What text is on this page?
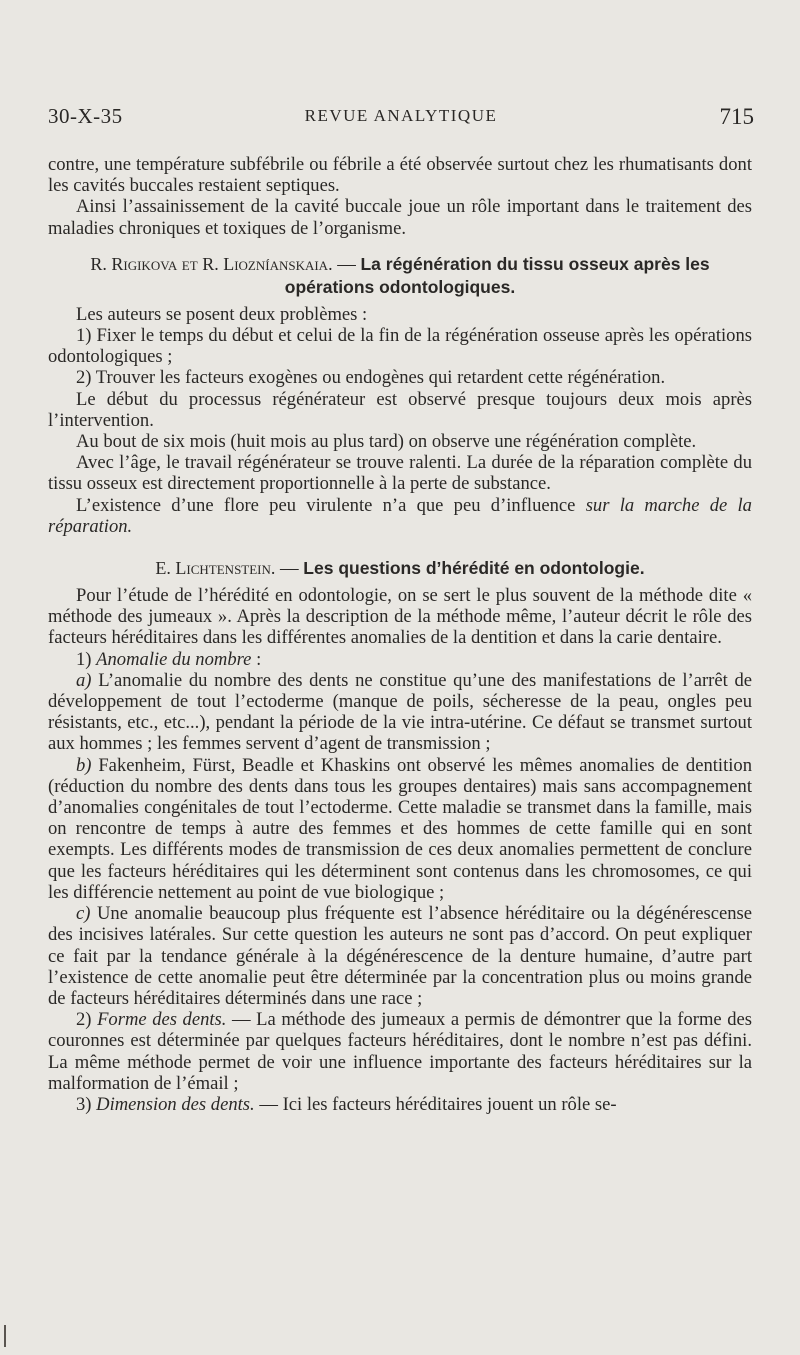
30-X-35	REVUE ANALYTIQUE	715

contre, une température subfébrile ou fébrile a été observée surtout chez les rhumatisants dont les cavités buccales restaient septiques.

Ainsi l’assainissement de la cavité buccale joue un rôle important dans le traitement des maladies chroniques et toxiques de l’organisme.

R. Rigikova et R. Liozníanskaia. — La régénération du tissu osseux après les opérations odontologiques.

Les auteurs se posent deux problèmes :

1) Fixer le temps du début et celui de la fin de la régénération osseuse après les opérations odontologiques ;

2) Trouver les facteurs exogènes ou endogènes qui retardent cette régénération.

Le début du processus régénérateur est observé presque toujours deux mois après l’intervention.

Au bout de six mois (huit mois au plus tard) on observe une régénération complète.

Avec l’âge, le travail régénérateur se trouve ralenti. La durée de la réparation complète du tissu osseux est directement proportionnelle à la perte de substance.

L’existence d’une flore peu virulente n’a que peu d’influence sur la marche de la réparation.

E. Lichtenstein. — Les questions d’hérédité en odontologie.

Pour l’étude de l’hérédité en odontologie, on se sert le plus souvent de la méthode dite « méthode des jumeaux ». Après la description de la méthode même, l’auteur décrit le rôle des facteurs héréditaires dans les différentes anomalies de la dentition et dans la carie dentaire.

1) Anomalie du nombre :

a) L’anomalie du nombre des dents ne constitue qu’une des manifestations de l’arrêt de développement de tout l’ectoderme (manque de poils, sécheresse de la peau, ongles peu résistants, etc., etc...), pendant la période de la vie intra-utérine. Ce défaut se transmet surtout aux hommes ; les femmes servent d’agent de transmission ;

b) Fakenheim, Fürst, Beadle et Khaskins ont observé les mêmes anomalies de dentition (réduction du nombre des dents dans tous les groupes dentaires) mais sans accompagnement d’anomalies congénitales de tout l’ectoderme. Cette maladie se transmet dans la famille, mais on rencontre de temps à autre des femmes et des hommes de cette famille qui en sont exempts. Les différents modes de transmission de ces deux anomalies permettent de conclure que les facteurs héréditaires qui les déterminent sont contenus dans les chromosomes, ce qui les différencie nettement au point de vue biologique ;

c) Une anomalie beaucoup plus fréquente est l’absence héréditaire ou la dégénérescense des incisives latérales. Sur cette question les auteurs ne sont pas d’accord. On peut expliquer ce fait par la tendance générale à la dégénérescence de la denture humaine, d’autre part l’existence de cette anomalie peut être déterminée par la concentration plus ou moins grande de facteurs héréditaires déterminés dans une race ;

2) Forme des dents. — La méthode des jumeaux a permis de démontrer que la forme des couronnes est déterminée par quelques facteurs héréditaires, dont le nombre n’est pas défini. La même méthode permet de voir une influence importante des facteurs héréditaires sur la malformation de l’émail ;

3) Dimension des dents. — Ici les facteurs héréditaires jouent un rôle se-
